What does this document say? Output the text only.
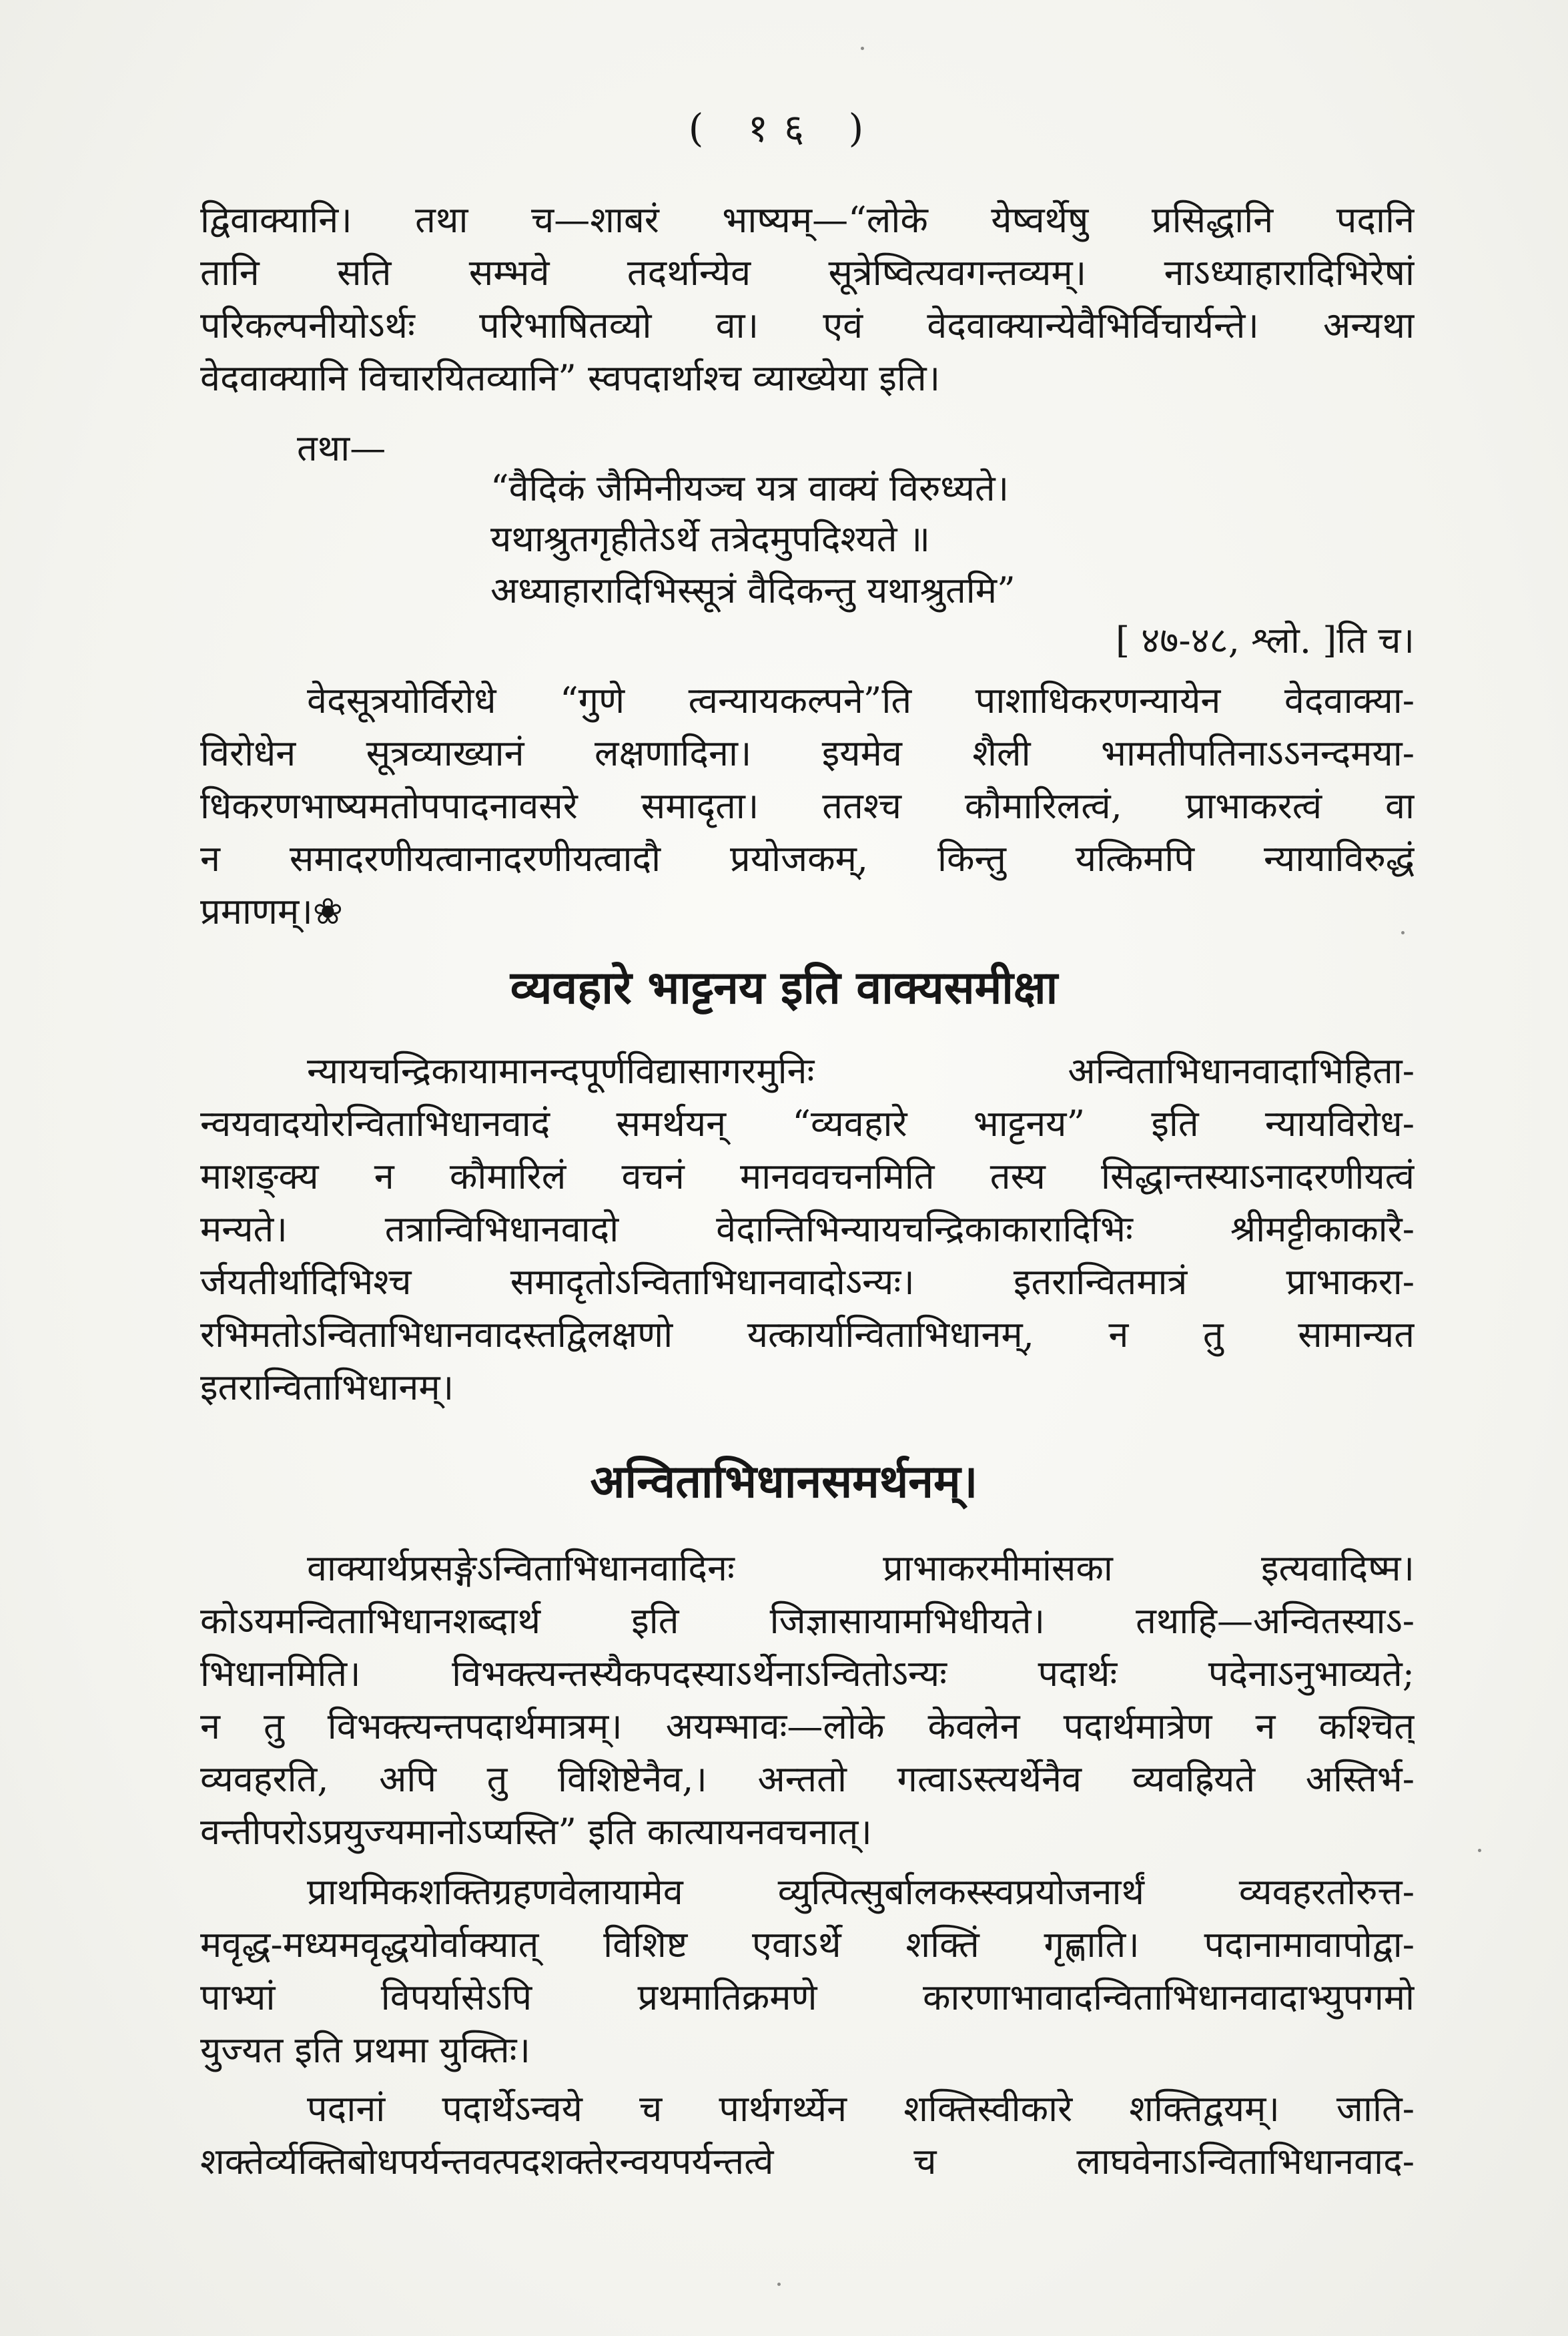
( १६ )
द्विवाक्यानि। तथा च—शाबरं भाष्यम्—“लोके येष्वर्थेषु प्रसिद्धानि पदानि
तानि सति सम्भवे तदर्थान्येव सूत्रेष्वित्यवगन्तव्यम्। नाऽध्याहारादिभिरेषां
परिकल्पनीयोऽर्थः परिभाषितव्यो वा। एवं वेदवाक्यान्येवैभिर्विचार्यन्ते। अन्यथा
वेदवाक्यानि विचारयितव्यानि” स्वपदार्थाश्च व्याख्येया इति।
तथा—
“वैदिकं जैमिनीयञ्च यत्र वाक्यं विरुध्यते।
यथाश्रुतगृहीतेऽर्थे तत्रेदमुपदिश्यते ॥
अध्याहारादिभिस्सूत्रं वैदिकन्तु यथाश्रुतमि”
[ ४७-४८, श्लो. ]ति च।
वेदसूत्रयोर्विरोधे “गुणे त्वन्यायकल्पने”ति पाशाधिकरणन्यायेन वेदवाक्या-
विरोधेन सूत्रव्याख्यानं लक्षणादिना। इयमेव शैली भामतीपतिनाऽऽनन्दमया-
धिकरणभाष्यमतोपपादनावसरे समादृता। ततश्च कौमारिलत्वं, प्राभाकरत्वं वा
न समादरणीयत्वानादरणीयत्वादौ प्रयोजकम्, किन्तु यत्किमपि न्यायाविरुद्धं
प्रमाणम्।❀
व्यवहारे भाट्टनय इति वाक्यसमीक्षा
न्यायचन्द्रिकायामानन्दपूर्णविद्यासागरमुनिः अन्विताभिधानवादाभिहिता-
न्वयवादयोरन्विताभिधानवादं समर्थयन् “व्यवहारे भाट्टनय” इति न्यायविरोध-
माशङ्क्य न कौमारिलं वचनं मानववचनमिति तस्य सिद्धान्तस्याऽनादरणीयत्वं
मन्यते। तत्रान्विभिधानवादो वेदान्तिभिन्यायचन्द्रिकाकारादिभिः श्रीमट्टीकाकारै-
र्जयतीर्थादिभिश्च समादृतोऽन्विताभिधानवादोऽन्यः। इतरान्वितमात्रं प्राभाकरा-
रभिमतोऽन्विताभिधानवादस्तद्विलक्षणो यत्कार्यान्विताभिधानम्, न तु सामान्यत
इतरान्विताभिधानम्।
अन्विताभिधानसमर्थनम्।
वाक्यार्थप्रसङ्गेऽन्विताभिधानवादिनः प्राभाकरमीमांसका इत्यवादिष्म।
कोऽयमन्विताभिधानशब्दार्थ इति जिज्ञासायामभिधीयते। तथाहि—अन्वितस्याऽ-
भिधानमिति। विभक्त्यन्तस्यैकपदस्याऽर्थेनाऽन्वितोऽन्यः पदार्थः पदेनाऽनुभाव्यते;
न तु विभक्त्यन्तपदार्थमात्रम्। अयम्भावः—लोके केवलेन पदार्थमात्रेण न कश्चित्
व्यवहरति, अपि तु विशिष्टेनैव,। अन्ततो गत्वाऽस्त्यर्थेनैव व्यवह्रियते अस्तिर्भ-
वन्तीपरोऽप्रयुज्यमानोऽप्यस्ति” इति कात्यायनवचनात्।
प्राथमिकशक्तिग्रहणवेलायामेव व्युत्पित्सुर्बालकस्स्वप्रयोजनार्थं व्यवहरतोरुत्त-
मवृद्ध-मध्यमवृद्धयोर्वाक्यात् विशिष्ट एवाऽर्थे शक्तिं गृह्णाति। पदानामावापोद्वा-
पाभ्यां विपर्यासेऽपि प्रथमातिक्रमणे कारणाभावादन्विताभिधानवादाभ्युपगमो
युज्यत इति प्रथमा युक्तिः।
पदानां पदार्थेऽन्वये च पार्थगर्थ्येन शक्तिस्वीकारे शक्तिद्वयम्। जाति-
शक्तेर्व्यक्तिबोधपर्यन्तवत्पदशक्तेरन्वयपर्यन्तत्वे च लाघवेनाऽन्विताभिधानवाद-
